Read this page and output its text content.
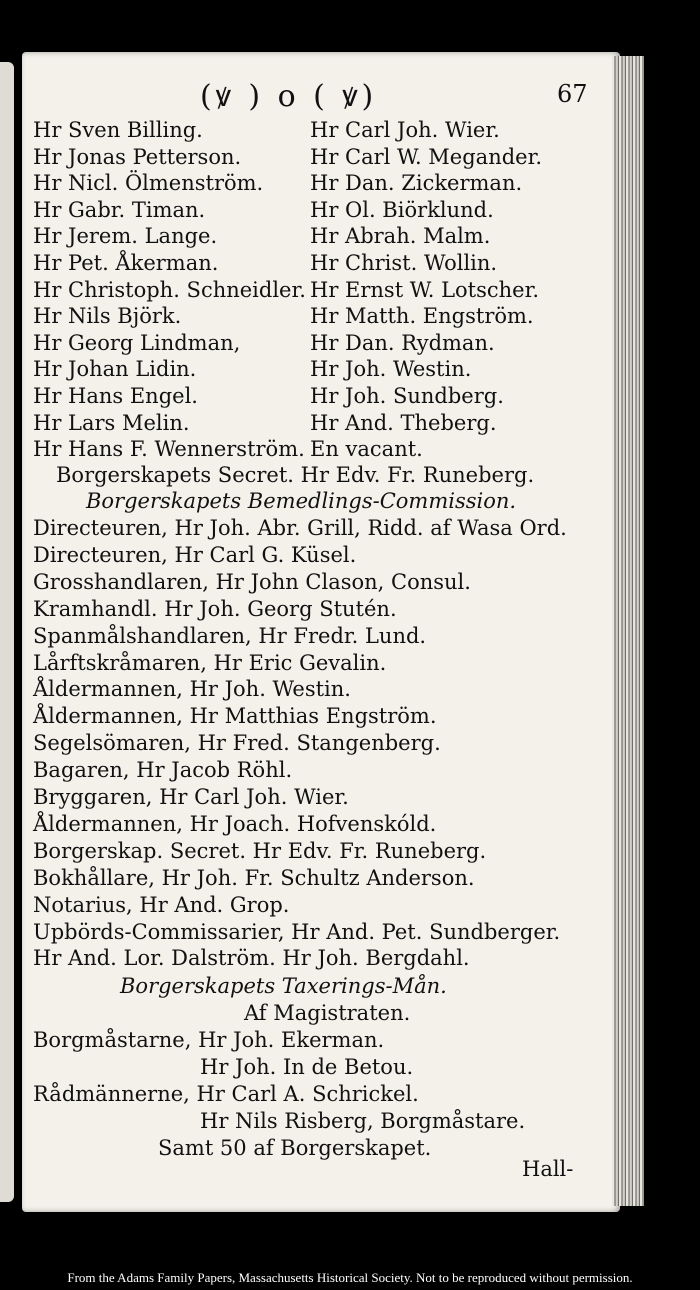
(ꝟ ) o ( ꝟ)	67
Hr Sven Billing.
Hr Jonas Petterson.
Hr Nicl. Ölmenström.
Hr Gabr. Timan.
Hr Jerem. Lange.
Hr Pet. Åkerman.
Hr Christoph. Schneidler.
Hr Nils Björk.
Hr Georg Lindman,
Hr Johan Lidin.
Hr Hans Engel.
Hr Lars Melin.
Hr Hans F. Wennerström.
Hr Carl Joh. Wier.
Hr Carl W. Megander.
Hr Dan. Zickerman.
Hr Ol. Biörklund.
Hr Abrah. Malm.
Hr Christ. Wollin.
Hr Ernst W. Lotscher.
Hr Matth. Engström.
Hr Dan. Rydman.
Hr Joh. Westin.
Hr Joh. Sundberg.
Hr And. Theberg.
En vacant.
Borgerskapets Secret. Hr Edv. Fr. Runeberg.
Borgerskapets Bemedlings-Commission.
Directeuren, Hr Joh. Abr. Grill, Ridd. af Wasa Ord.
Directeuren, Hr Carl G. Küsel.
Grosshandlaren, Hr John Clason, Consul.
Kramhandl. Hr Joh. Georg Stutén.
Spanmålshandlaren, Hr Fredr. Lund.
Lårftskråmaren, Hr Eric Gevalin.
Åldermannen, Hr Joh. Westin.
Åldermannen, Hr Matthias Engström.
Segelsömaren, Hr Fred. Stangenberg.
Bagaren, Hr Jacob Röhl.
Bryggaren, Hr Carl Joh. Wier.
Åldermannen, Hr Joach. Hofvenskóld.
Borgerskap. Secret. Hr Edv. Fr. Runeberg.
Bokhållare, Hr Joh. Fr. Schultz Anderson.
Notarius, Hr And. Grop.
Upbörds-Commissarier, Hr And. Pet. Sundberger.
Hr And. Lor. Dalström. Hr Joh. Bergdahl.
Borgerskapets Taxerings-Mån.
Af Magistraten.
Borgmåstarne, Hr Joh. Ekerman.
Hr Joh. In de Betou.
Rådmännerne, Hr Carl A. Schrickel.
Hr Nils Risberg, Borgmåstare.
Samt 50 af Borgerskapet.
Hall-
From the Adams Family Papers, Massachusetts Historical Society. Not to be reproduced without permission.
